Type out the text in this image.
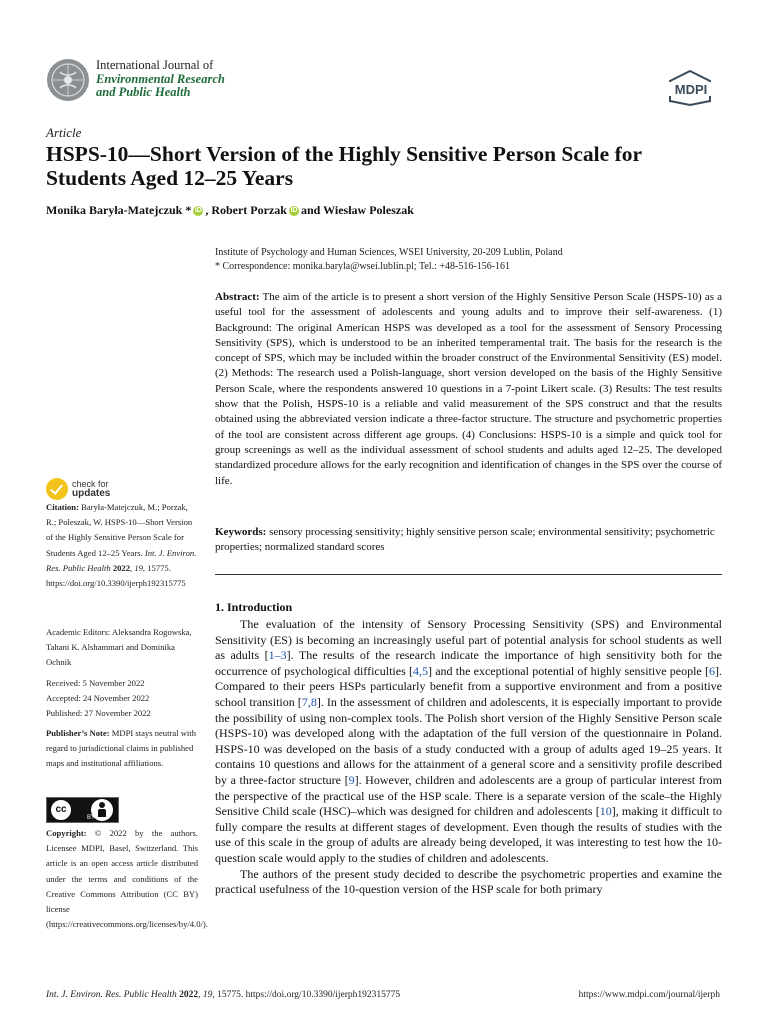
International Journal of
Environmental Research
and Public Health	MDPI
Article
HSPS-10—Short Version of the Highly Sensitive Person Scale for Students Aged 12–25 Years
Monika Baryła-Matejczuk * iD , Robert Porzak iD and Wiesław Poleszak
Institute of Psychology and Human Sciences, WSEI University, 20-209 Lublin, Poland
* Correspondence: monika.baryla@wsei.lublin.pl; Tel.: +48-516-156-161
Abstract: The aim of the article is to present a short version of the Highly Sensitive Person Scale (HSPS-10) as a useful tool for the assessment of adolescents and young adults and to improve their self-awareness. (1) Background: The original American HSPS was developed as a tool for the assessment of Sensory Processing Sensitivity (SPS), which is understood to be an inherited temperamental trait. The basis for the research is the concept of SPS, which may be included within the broader construct of the Environmental Sensitivity (ES) model. (2) Methods: The research used a Polish-language, short version developed on the basis of the Highly Sensitive Person Scale, where the respondents answered 10 questions in a 7-point Likert scale. (3) Results: The test results show that the Polish, HSPS-10 is a reliable and valid measurement of the SPS construct and that the results obtained using the abbreviated version indicate a three-factor structure. The structure and psychometric properties of the tool are consistent across different age groups. (4) Conclusions: HSPS-10 is a simple and quick tool for group screenings as well as the individual assessment of school students and adults aged 12–25. The developed standardized procedure allows for the early recognition and identification of changes in the SPS over the course of life.
Keywords: sensory processing sensitivity; highly sensitive person scale; environmental sensitivity; psychometric properties; normalized standard scores
check for
updates
Citation: Baryła-Matejczuk, M.; Porzak, R.; Poleszak, W. HSPS-10—Short Version of the Highly Sensitive Person Scale for Students Aged 12–25 Years. Int. J. Environ. Res. Public Health 2022, 19, 15775. https://doi.org/10.3390/ijerph192315775
Academic Editors: Aleksandra Rogowska, Tahani K. Alshammari and Dominika Ochnik
Received: 5 November 2022
Accepted: 24 November 2022
Published: 27 November 2022
Publisher’s Note: MDPI stays neutral with regard to jurisdictional claims in published maps and institutional affiliations.
cc
BY
Copyright: © 2022 by the authors. Licensee MDPI, Basel, Switzerland. This article is an open access article distributed under the terms and conditions of the Creative Commons Attribution (CC BY) license (https://creativecommons.org/licenses/by/4.0/).
1. Introduction

The evaluation of the intensity of Sensory Processing Sensitivity (SPS) and Environmental Sensitivity (ES) is becoming an increasingly useful part of potential analysis for school students as well as adults [1–3]. The results of the research indicate the importance of high sensitivity both for the occurrence of psychological difficulties [4,5] and the exceptional potential of highly sensitive people [6]. Compared to their peers HSPs particularly benefit from a supportive environment and from a positive school transition [7,8]. In the assessment of children and adolescents, it is especially important to provide the possibility of using non-complex tools. The Polish short version of the Highly Sensitive Person scale (HSPS-10) was developed along with the adaptation of the full version of the questionnaire in Poland. HSPS-10 was developed on the basis of a study conducted with a group of adults aged 19–25 years. It contains 10 questions and allows for the attainment of a general score and a sensitivity profile described by a three-factor structure [9]. However, children and adolescents are a group of particular interest from the perspective of the practical use of the HSP scale. There is a separate version of the scale–the Highly Sensitive Child scale (HSC)–which was designed for children and adolescents [10], making it difficult to fully compare the results at different stages of development. Even though the results of studies with the use of this scale in the group of adults are already being developed, it was interesting to test how the 10-question scale would apply to the studies of children and adolescents.

The authors of the present study decided to describe the psychometric properties and examine the practical usefulness of the 10-question version of the HSP scale for both primary

Int. J. Environ. Res. Public Health 2022, 19, 15775. https://doi.org/10.3390/ijerph192315775	https://www.mdpi.com/journal/ijerph
